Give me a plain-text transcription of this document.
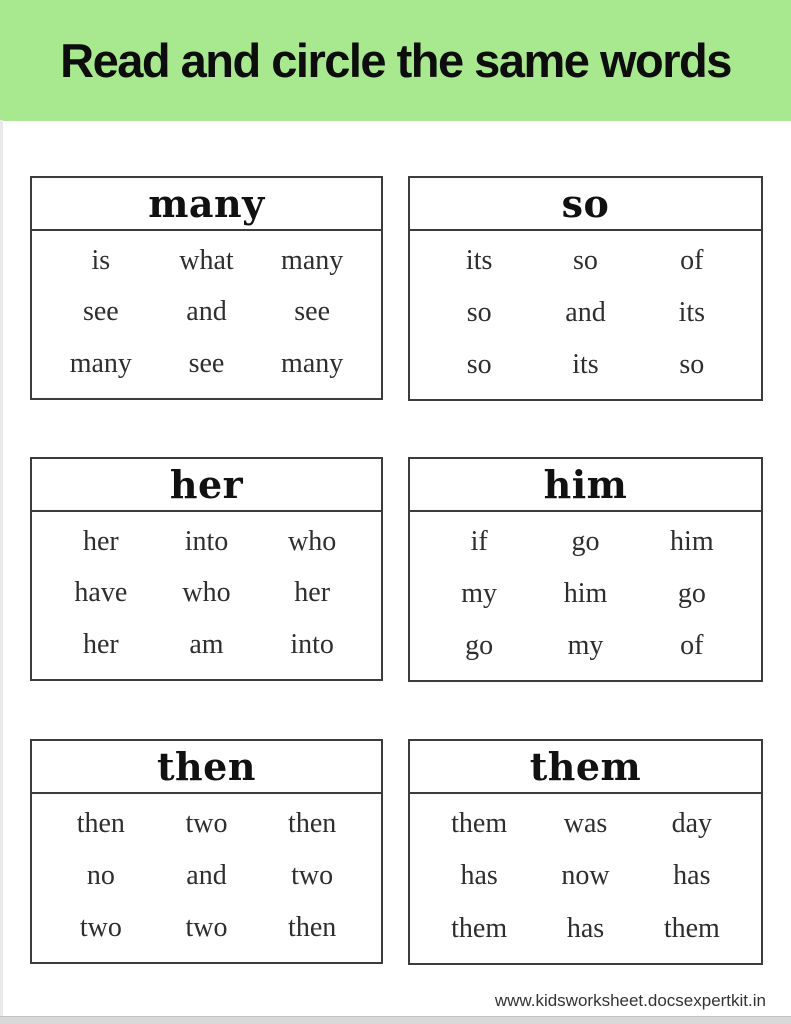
Read and circle the same words
many
is	what	many
see	and	see
many	see	many
so
its	so	of
so	and	its
so	its	so
her
her	into	who
have	who	her
her	am	into
him
if	go	him
my	him	go
go	my	of
then
then	two	then
no	and	two
two	two	then
them
them	was	day
has	now	has
them	has	them
www.kidsworksheet.docsexpertkit.in
